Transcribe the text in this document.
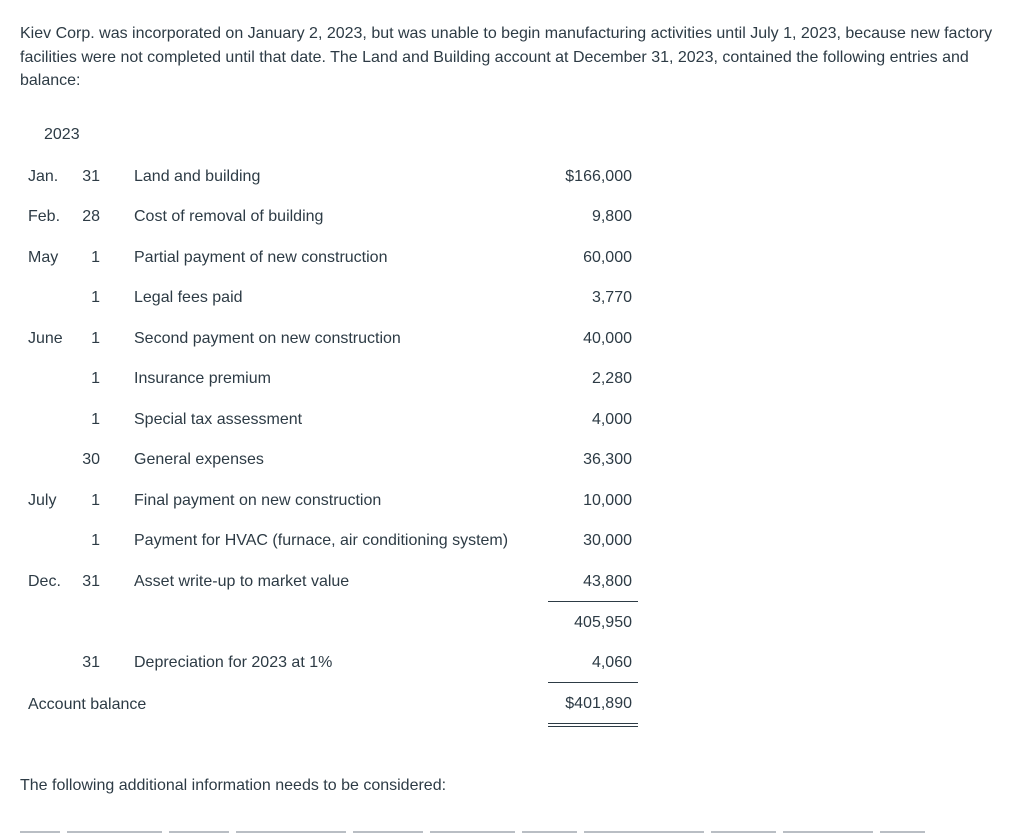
Kiev Corp. was incorporated on January 2, 2023, but was unable to begin manufacturing activities until July 1, 2023, because new factory facilities were not completed until that date. The Land and Building account at December 31, 2023, contained the following entries and balance:
2023
Jan.	31 Land and building	$166,000
Feb.	28 Cost of removal of building	9,800
May	1 Partial payment of new construction	60,000
1 Legal fees paid	3,770
June	1 Second payment on new construction	40,000
1 Insurance premium	2,280
1 Special tax assessment	4,000
30 General expenses	36,300
July	1 Final payment on new construction	10,000
1 Payment for HVAC (furnace, air conditioning system)	30,000
Dec.	31 Asset write-up to market value	43,800
405,950
31 Depreciation for 2023 at 1%	4,060
Account balance	$401,890
The following additional information needs to be considered:
